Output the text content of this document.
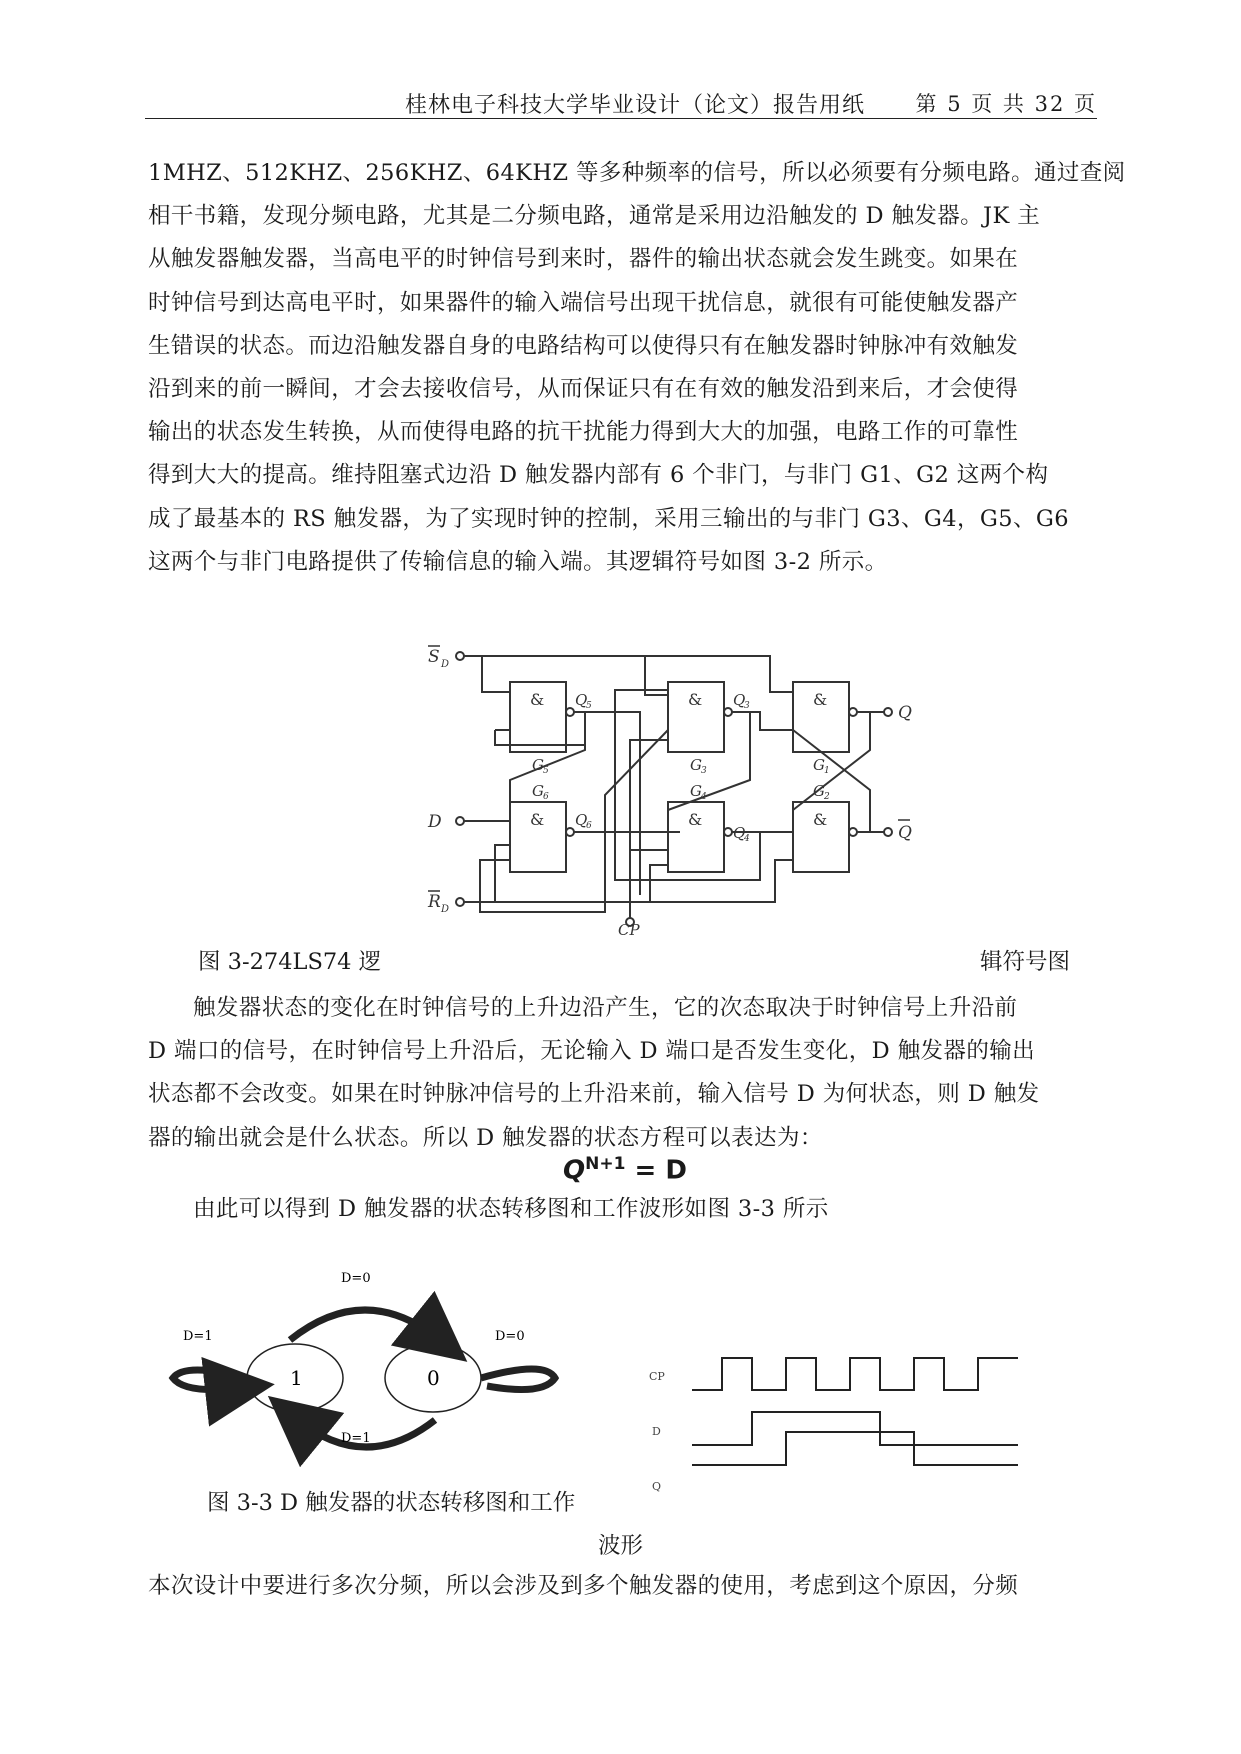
桂林电子科技大学毕业设计（论文）报告用纸 第 5 页 共 32 页
1MHZ、512KHZ、256KHZ、64KHZ 等多种频率的信号，所以必须要有分频电路。通过查阅
相干书籍，发现分频电路，尤其是二分频电路，通常是采用边沿触发的 D 触发器。JK 主
从触发器触发器，当高电平的时钟信号到来时，器件的输出状态就会发生跳变。如果在
时钟信号到达高电平时，如果器件的输入端信号出现干扰信息，就很有可能使触发器产
生错误的状态。而边沿触发器自身的电路结构可以使得只有在触发器时钟脉冲有效触发
沿到来的前一瞬间，才会去接收信号，从而保证只有在有效的触发沿到来后，才会使得
输出的状态发生转换，从而使得电路的抗干扰能力得到大大的加强，电路工作的可靠性
得到大大的提高。维持阻塞式边沿 D 触发器内部有 6 个非门，与非门 G1、G2 这两个构
成了最基本的 RS 触发器，为了实现时钟的控制，采用三输出的与非门 G3、G4，G5、G6
这两个与非门电路提供了传输信息的输入端。其逻辑符号如图 3-2 所示。
&	&	&
&	&	&
S D
D
R D
CP
Q
Q
Q
5	Q
3
Q
6	Q
4
G 5	G 3	G 1
G 6	G 4	G 2
图 3-274LS74 逻	辑符号图
触发器状态的变化在时钟信号的上升边沿产生，它的次态取决于时钟信号上升沿前
D 端口的信号，在时钟信号上升沿后，无论输入 D 端口是否发生变化，D 触发器的输出
状态都不会改变。如果在时钟脉冲信号的上升沿来前，输入信号 D 为何状态，则 D 触发
器的输出就会是什么状态。所以 D 触发器的状态方程可以表达为：
$Q^{N+1} = D$
由此可以得到 D 触发器的状态转移图和工作波形如图 3-3 所示
1	0
D=0
D=1	D=0
D=1
CP
D
Q
图 3-3 D 触发器的状态转移图和工作
波形
本次设计中要进行多次分频，所以会涉及到多个触发器的使用，考虑到这个原因，分频
